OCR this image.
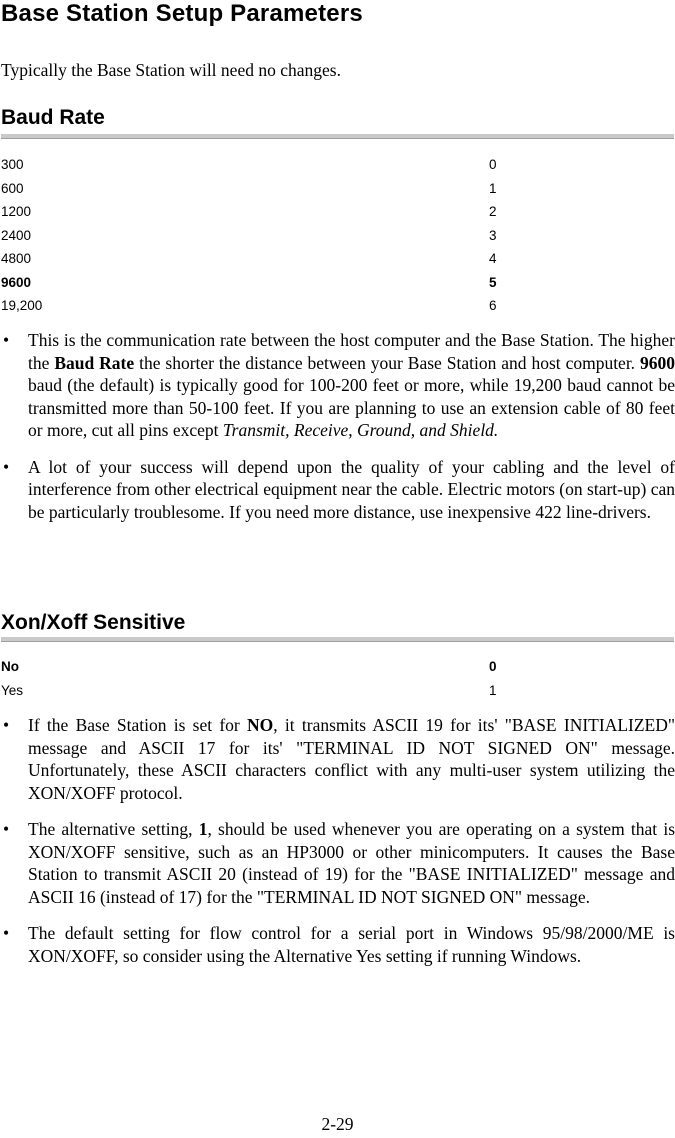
Base Station Setup Parameters

Typically the Base Station will need no changes.

Baud Rate
300	0
600	1
1200	2
2400	3
4800	4
9600	5
19,200	6
• This is the communication rate between the host computer and the Base Station. The higher the Baud Rate the shorter the distance between your Base Station and host computer. 9600 baud (the default) is typically good for 100-200 feet or more, while 19,200 baud cannot be transmitted more than 50-100 feet. If you are planning to use an extension cable of 80 feet or more, cut all pins except Transmit, Receive, Ground, and Shield.
• A lot of your success will depend upon the quality of your cabling and the level of interference from other electrical equipment near the cable. Electric motors (on start-up) can be particularly troublesome. If you need more distance, use inexpensive 422 line-drivers.
Xon/Xoff Sensitive
No	0
Yes	1
• If the Base Station is set for NO, it transmits ASCII 19 for its' "BASE INITIALIZED" message and ASCII 17 for its' "TERMINAL ID NOT SIGNED ON" message. Unfortunately, these ASCII characters conflict with any multi-user system utilizing the XON/XOFF protocol.
• The alternative setting, 1, should be used whenever you are operating on a system that is XON/XOFF sensitive, such as an HP3000 or other minicomputers. It causes the Base Station to transmit ASCII 20 (instead of 19) for the "BASE INITIALIZED" message and ASCII 16 (instead of 17) for the "TERMINAL ID NOT SIGNED ON" message.
• The default setting for flow control for a serial port in Windows 95/98/2000/ME is XON/XOFF, so consider using the Alternative Yes setting if running Windows.
2-29
